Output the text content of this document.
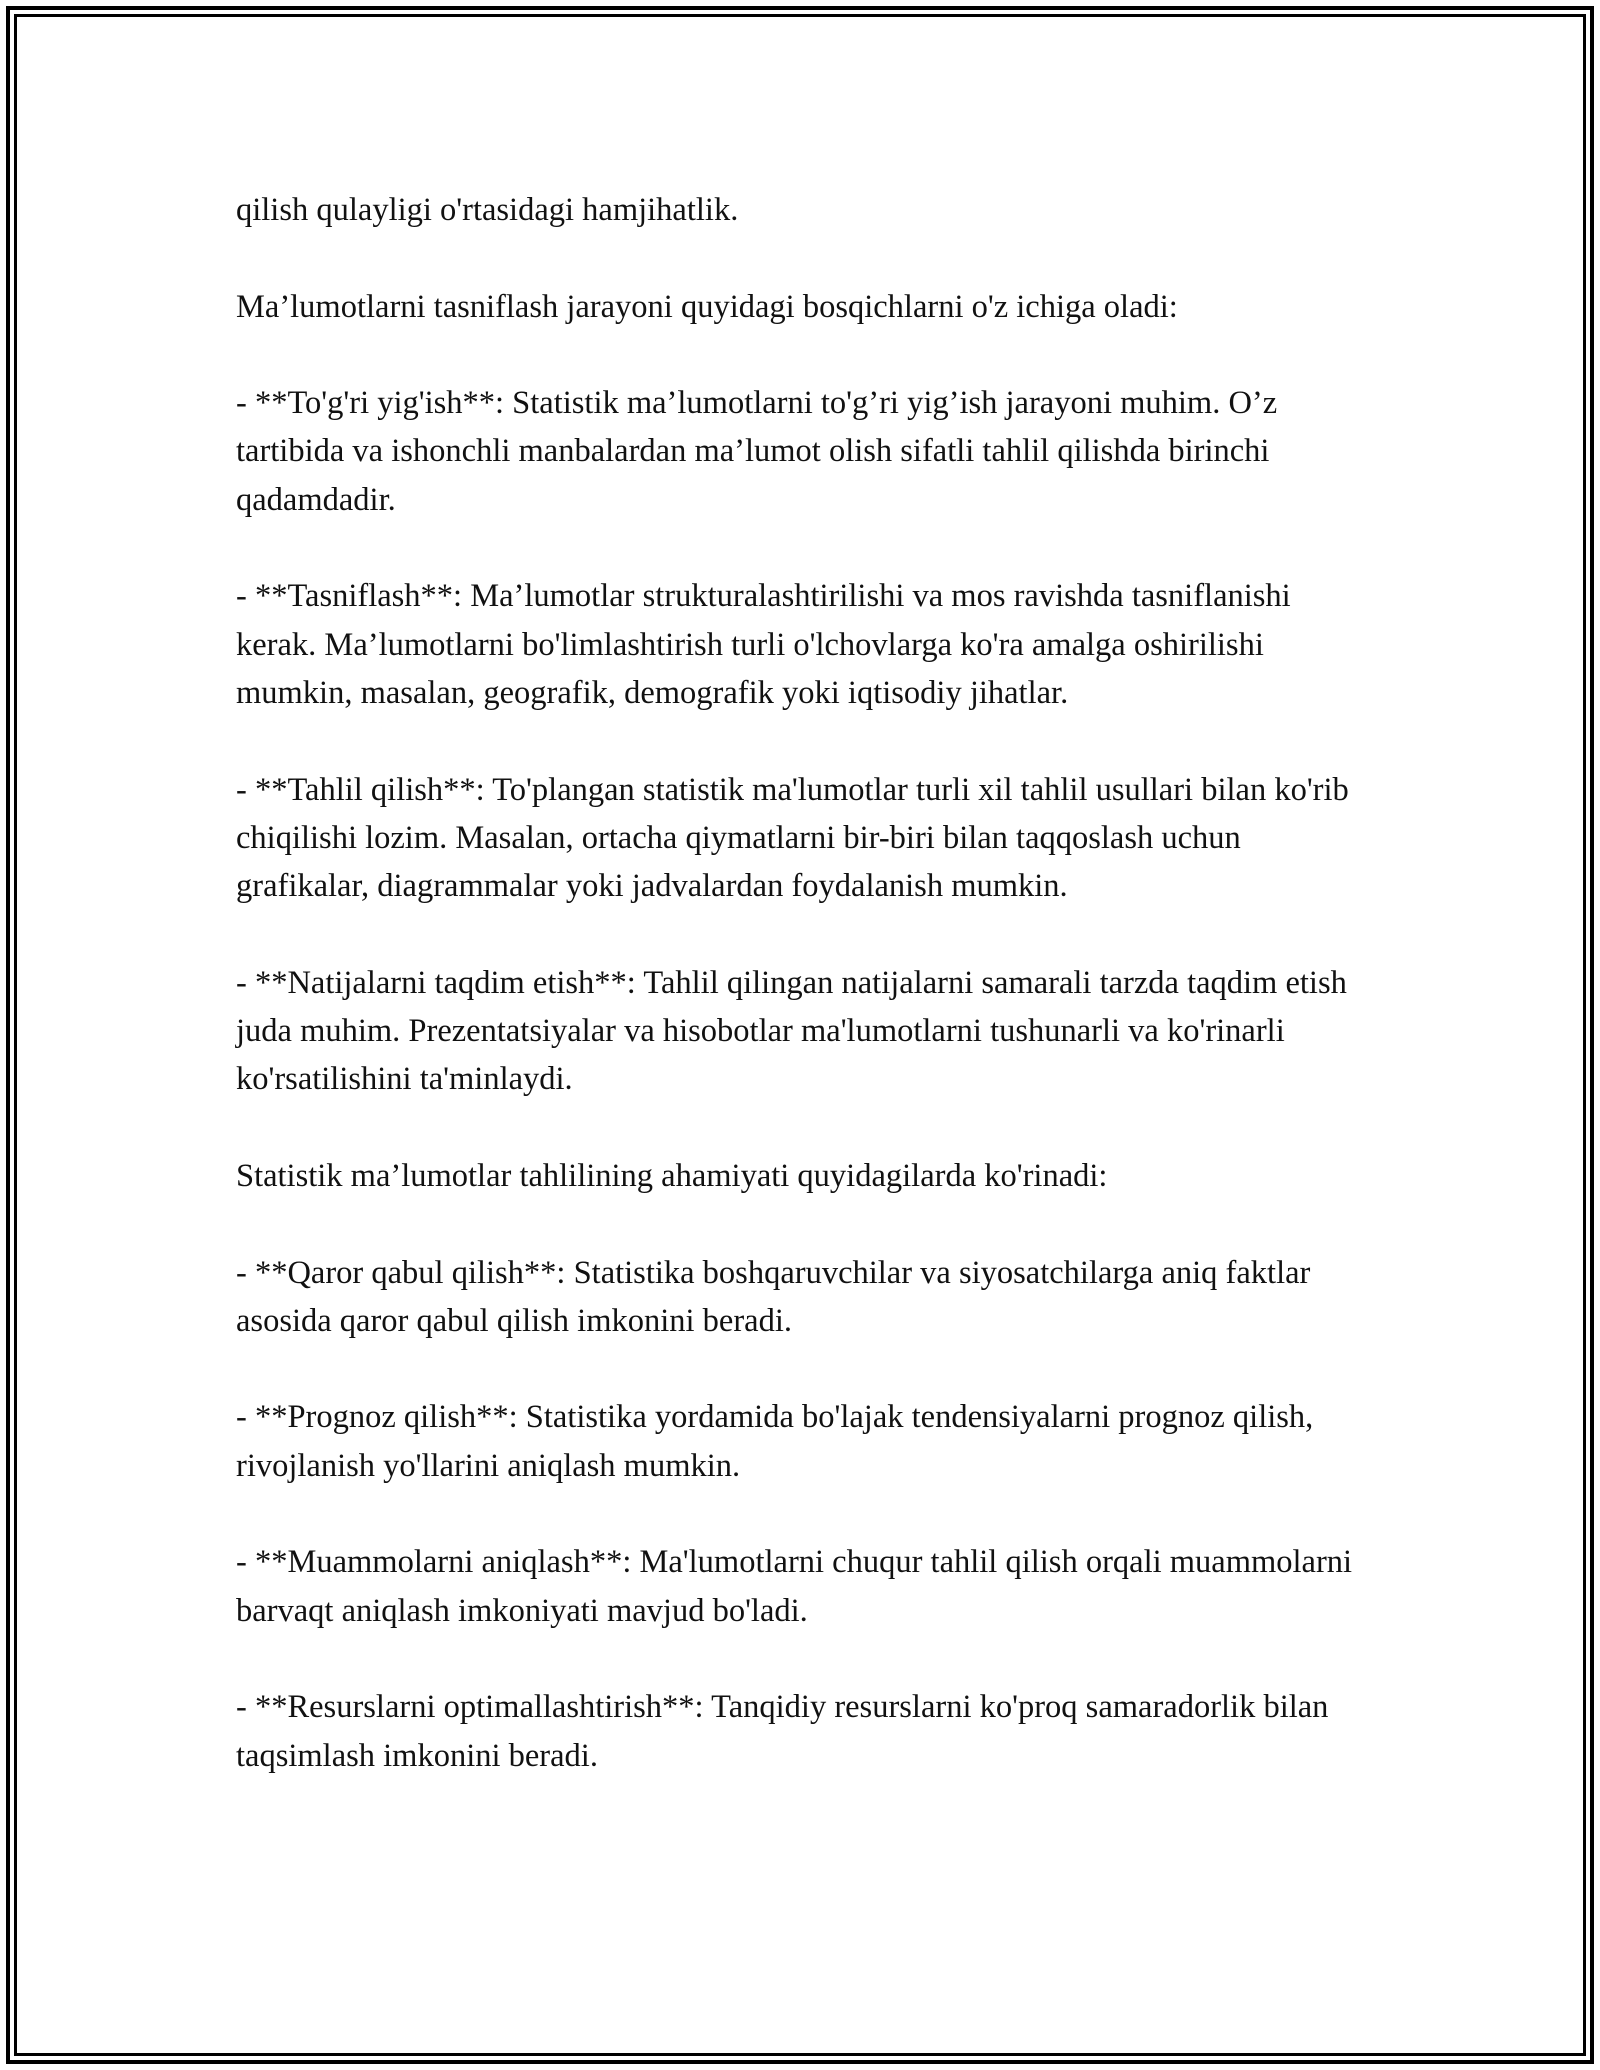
qilish qulayligi o'rtasidagi hamjihatlik.

Ma’lumotlarni tasniflash jarayoni quyidagi bosqichlarni o'z ichiga oladi:

- **To'g'ri yig'ish**: Statistik ma’lumotlarni to'g’ri yig’ish jarayoni muhim. O’z tartibida va ishonchli manbalardan ma’lumot olish sifatli tahlil qilishda birinchi qadamdadir.

- **Tasniflash**: Ma’lumotlar strukturalashtirilishi va mos ravishda tasniflanishi kerak. Ma’lumotlarni bo'limlashtirish turli o'lchovlarga ko'ra amalga oshirilishi mumkin, masalan, geografik, demografik yoki iqtisodiy jihatlar.

- **Tahlil qilish**: To'plangan statistik ma'lumotlar turli xil tahlil usullari bilan ko'rib chiqilishi lozim. Masalan, ortacha qiymatlarni bir-biri bilan taqqoslash uchun grafikalar, diagrammalar yoki jadvalardan foydalanish mumkin.

- **Natijalarni taqdim etish**: Tahlil qilingan natijalarni samarali tarzda taqdim etish juda muhim. Prezentatsiyalar va hisobotlar ma'lumotlarni tushunarli va ko'rinarli ko'rsatilishini ta'minlaydi.

Statistik ma’lumotlar tahlilining ahamiyati quyidagilarda ko'rinadi:

- **Qaror qabul qilish**: Statistika boshqaruvchilar va siyosatchilarga aniq faktlar asosida qaror qabul qilish imkonini beradi.

- **Prognoz qilish**: Statistika yordamida bo'lajak tendensiyalarni prognoz qilish, rivojlanish yo'llarini aniqlash mumkin.

- **Muammolarni aniqlash**: Ma'lumotlarni chuqur tahlil qilish orqali muammolarni barvaqt aniqlash imkoniyati mavjud bo'ladi.

- **Resurslarni optimallashtirish**: Tanqidiy resurslarni ko'proq samaradorlik bilan taqsimlash imkonini beradi.
